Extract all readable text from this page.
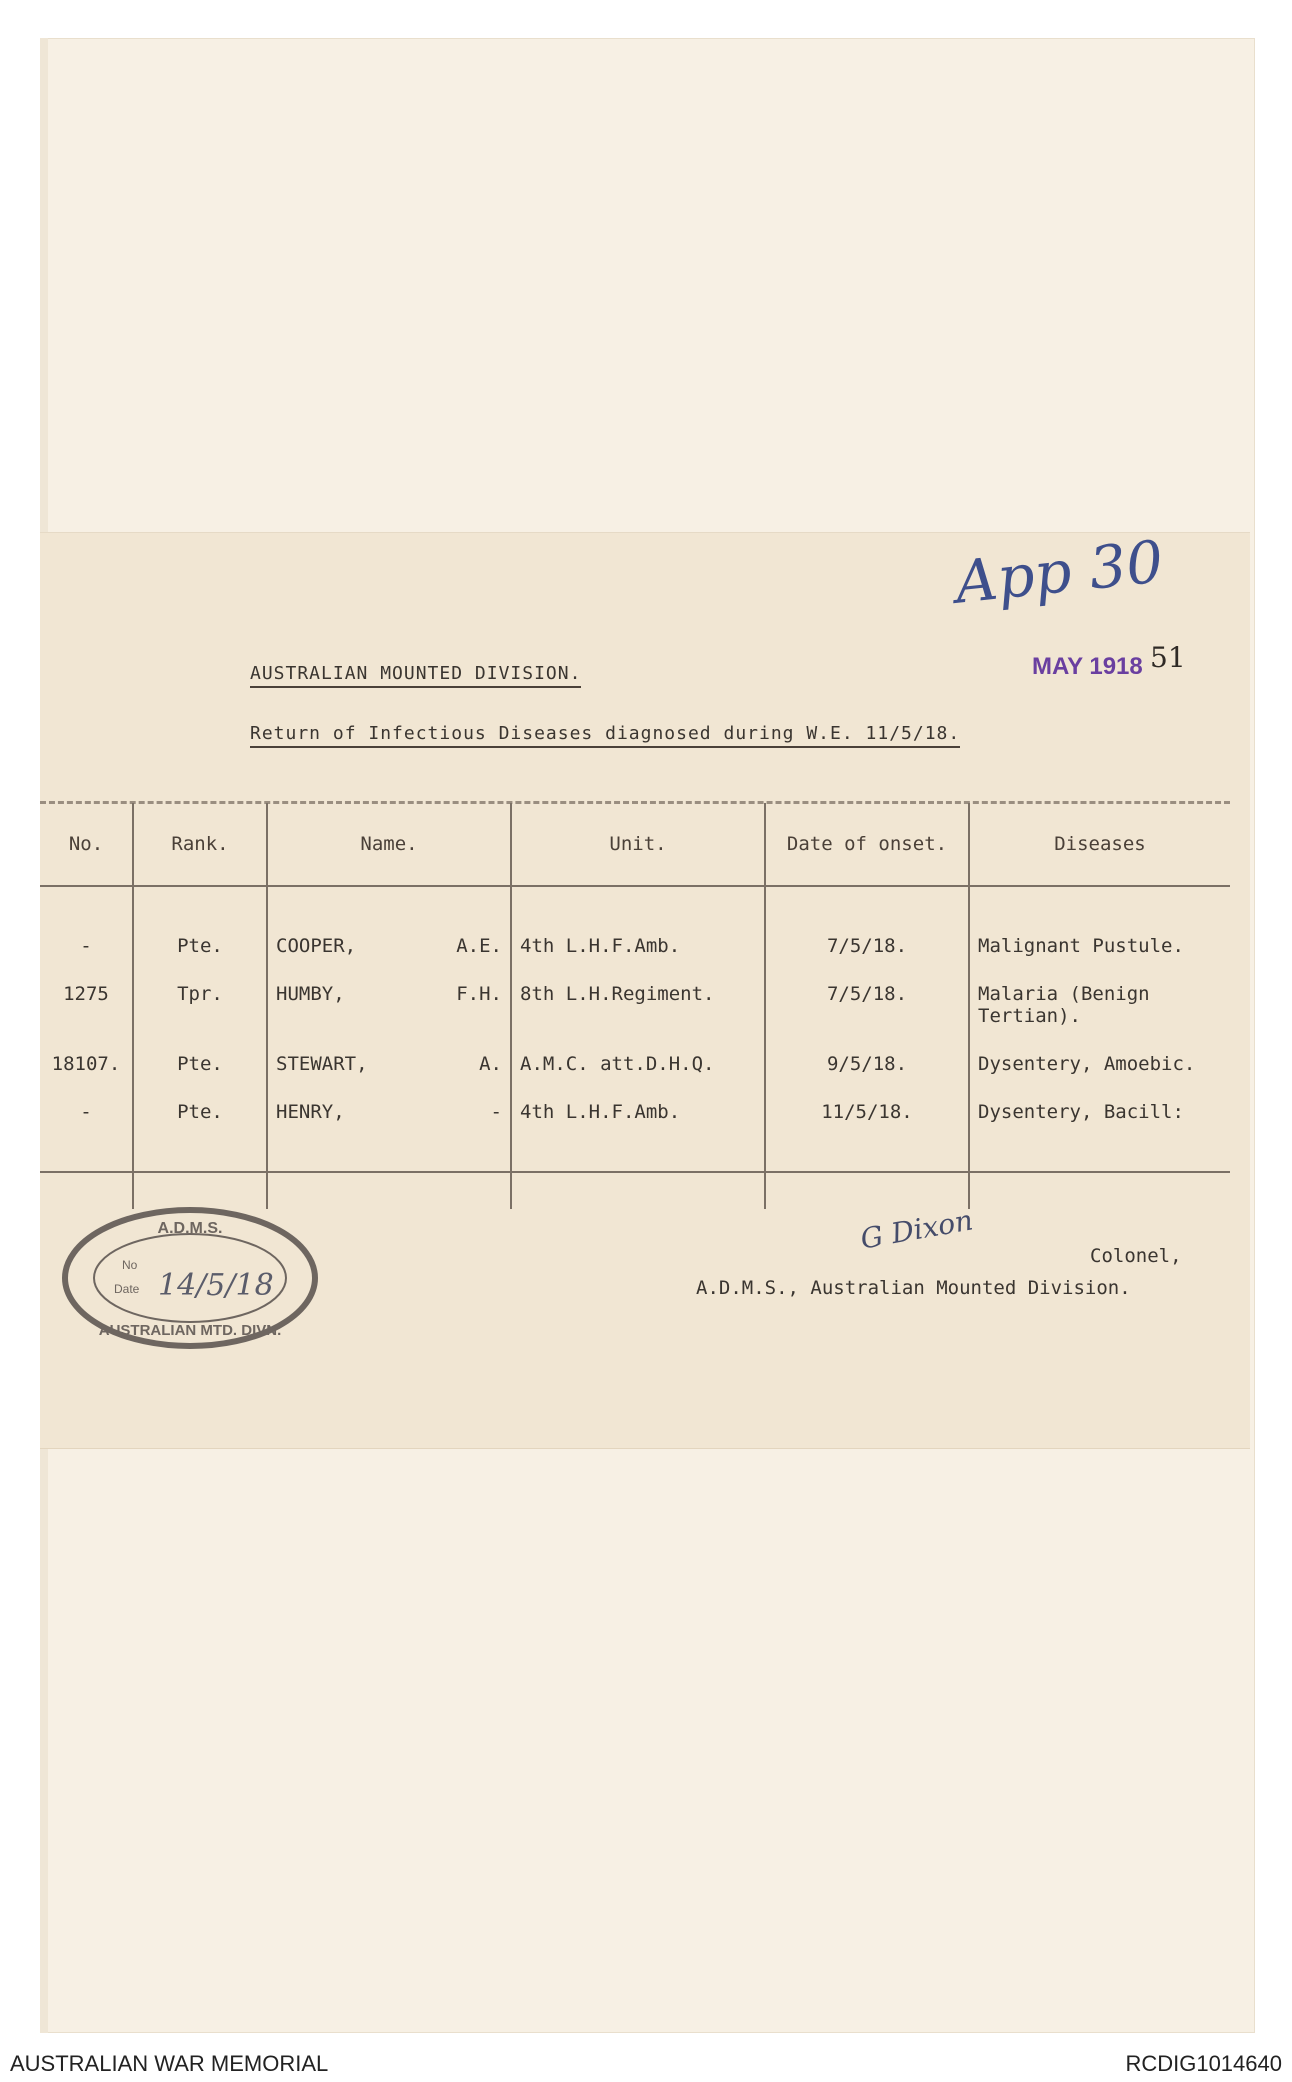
App 30
MAY 1918 51
AUSTRALIAN MOUNTED DIVISION.
Return of Infectious Diseases diagnosed during W.E. 11/5/18.
No.	Rank.	Name.	Unit.	Date of onset.	Diseases

-	Pte.	COOPER, A.E.	4th L.H.F.Amb.	7/5/18.	Malignant Pustule.
1275	Tpr.	HUMBY, F.H.	8th L.H.Regiment.	7/5/18.	Malaria (Benign Tertian).
18107.	Pte.	STEWART, A.	A.M.C. att.D.H.Q.	9/5/18.	Dysentery, Amoebic.
-	Pte.	HENRY, -	4th L.H.F.Amb.	11/5/18.	Dysentery, Bacill:

A.D.M.S.
No
Date 14/5/18
AUSTRALIAN MTD. DIVN.
G Dixon
Colonel,
A.D.M.S., Australian Mounted Division.
AUSTRALIAN WAR MEMORIAL	RCDIG1014640
